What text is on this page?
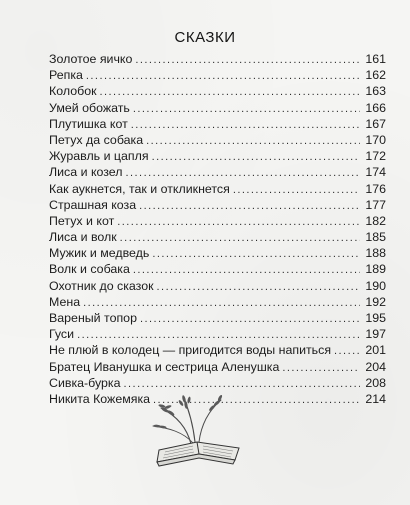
СКАЗКИ
Золотое яичко . . .	161
Репка . . .	162
Колобок . . .	163
Умей обожать . . .	166
Плутишка кот . . .	167
Петух да собака . . .	170
Журавль и цапля . . .	172
Лиса и козел . . .	174
Как аукнется, так и откликнется . . .	176
Страшная коза . . .	177
Петух и кот . . .	182
Лиса и волк . . .	185
Мужик и медведь . . .	188
Волк и собака . . .	189
Охотник до сказок . . .	190
Мена . . .	192
Вареный топор . . .	195
Гуси . . .	197
Не плюй в колодец — пригодится воды напиться . . .	201
Братец Иванушка и сестрица Аленушка . . .	204
Сивка-бурка . . .	208
Никита Кожемяка . . .	214
